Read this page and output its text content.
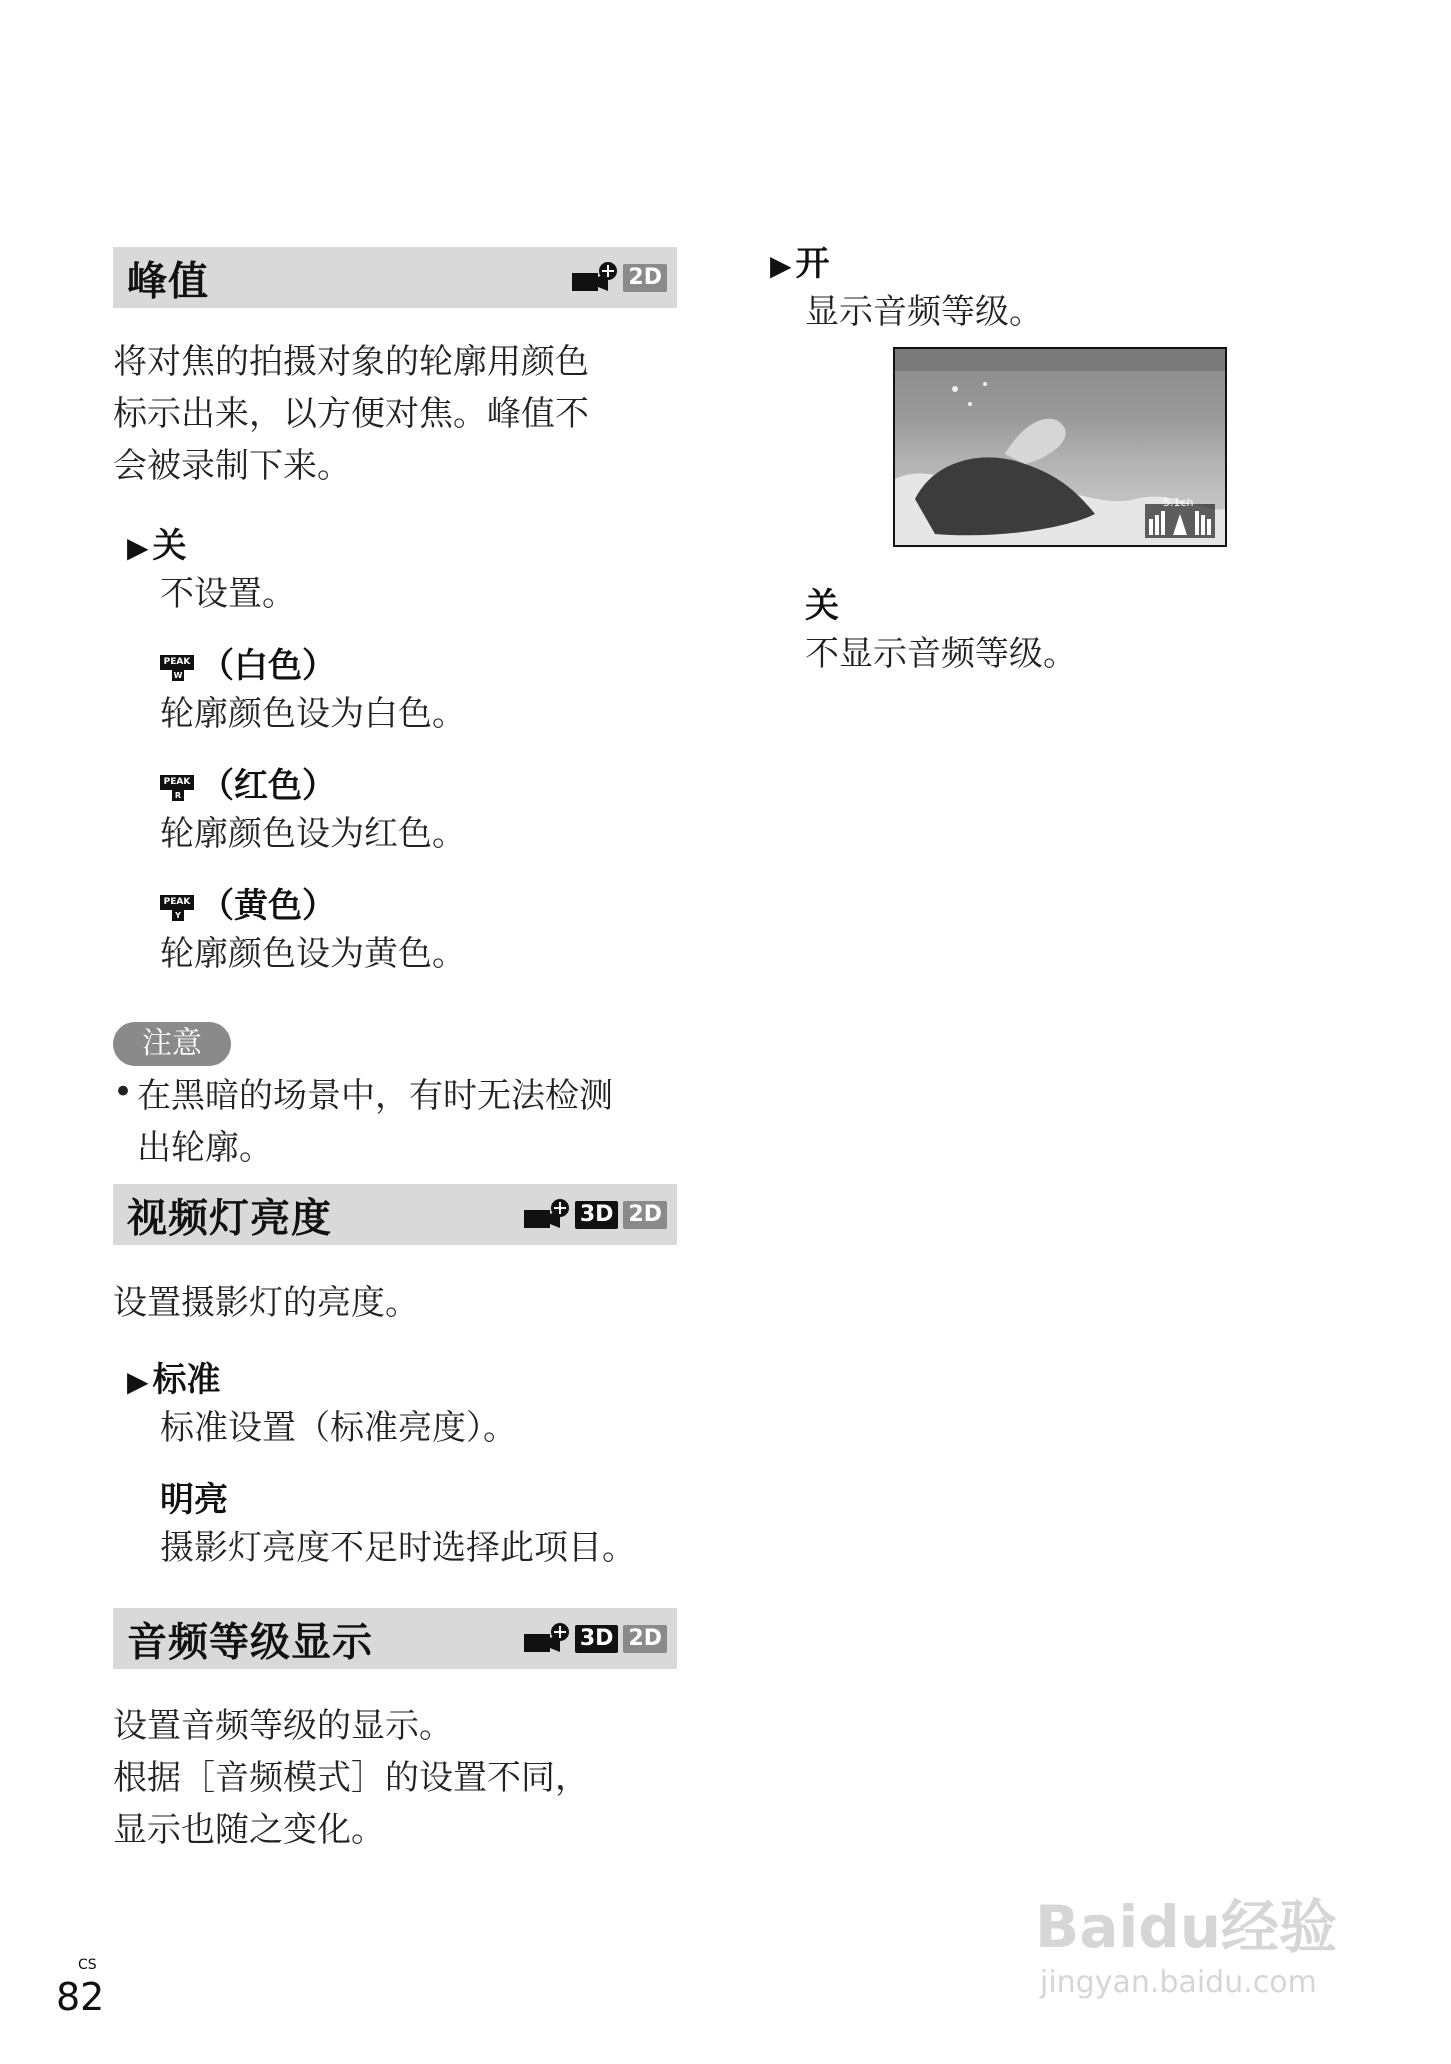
峰值	2D
将对焦的拍摄对象的轮廓用颜色
标示出来，以方便对焦。峰值不
会被录制下来。
▶ 关
不设置。
PEAK
W （白色）
轮廓颜色设为白色。
PEAK
R （红色）
轮廓颜色设为红色。
PEAK
Y （黄色）
轮廓颜色设为黄色。
注意
• 在黑暗的场景中，有时无法检测
出轮廓。
视频灯亮度	3D 2D
设置摄影灯的亮度。
▶ 标准
标准设置（标准亮度）。
明亮
摄影灯亮度不足时选择此项目。
音频等级显示	3D 2D
设置音频等级的显示。
根据［音频模式］的设置不同，
显示也随之变化。
▶ 开
显示音频等级。
5.1ch
关
不显示音频等级。
CS
82
Baidu经验
jingyan.baidu.com
